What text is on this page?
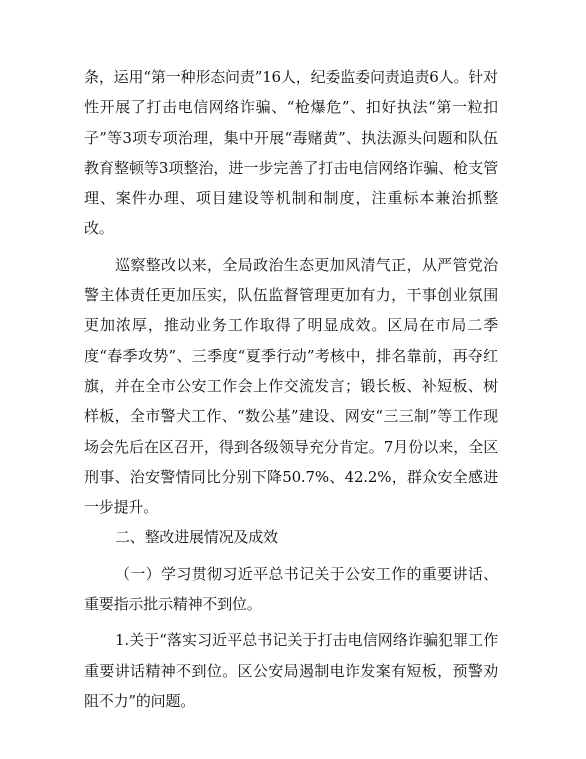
条，运用“第一种形态问责”16人，纪委监委问责追责6人。针对性开展了打击电信网络诈骗、“枪爆危”、扣好执法“第一粒扣子”等3项专项治理，集中开展“毒赌黄”、执法源头问题和队伍教育整顿等3项整治，进一步完善了打击电信网络诈骗、枪支管理、案件办理、项目建设等机制和制度，注重标本兼治抓整改。

巡察整改以来，全局政治生态更加风清气正，从严管党治警主体责任更加压实，队伍监督管理更加有力，干事创业氛围更加浓厚，推动业务工作取得了明显成效。区局在市局二季度“春季攻势”、三季度“夏季行动”考核中，排名靠前，再夺红旗，并在全市公安工作会上作交流发言；锻长板、补短板、树样板，全市警犬工作、“数公基”建设、网安“三三制”等工作现场会先后在区召开，得到各级领导充分肯定。7月份以来，全区刑事、治安警情同比分别下降50.7%、42.2%，群众安全感进一步提升。

二、整改进展情况及成效

（一）学习贯彻习近平总书记关于公安工作的重要讲话、重要指示批示精神不到位。

1.关于“落实习近平总书记关于打击电信网络诈骗犯罪工作重要讲话精神不到位。区公安局遏制电诈发案有短板，预警劝阻不力”的问题。
